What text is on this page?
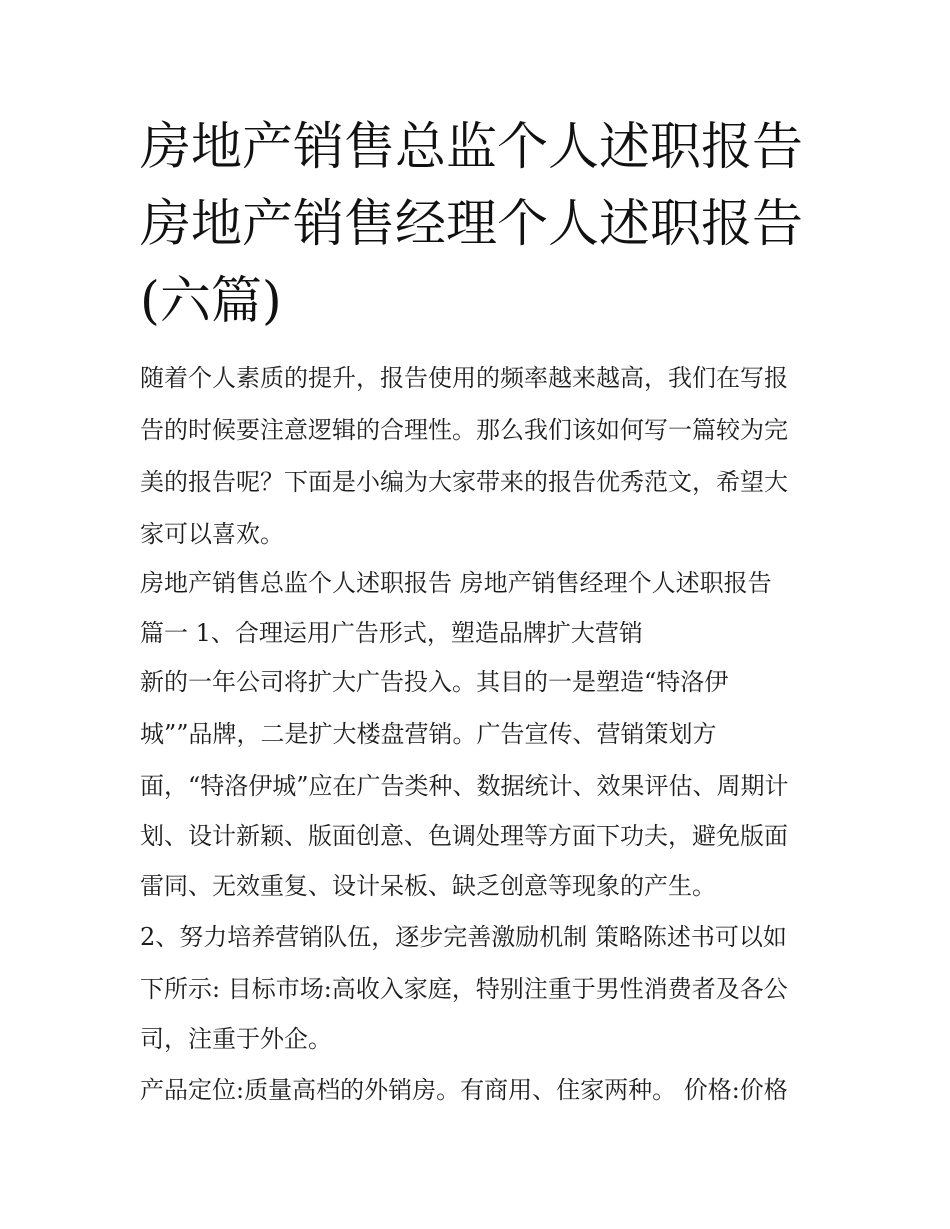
房地产销售总监个人述职报告
房地产销售经理个人述职报告
(六篇)

随着个人素质的提升，报告使用的频率越来越高，我们在写报

告的时候要注意逻辑的合理性。那么我们该如何写一篇较为完

美的报告呢？下面是小编为大家带来的报告优秀范文，希望大

家可以喜欢。

房地产销售总监个人述职报告 房地产销售经理个人述职报告

篇一 1、合理运用广告形式，塑造品牌扩大营销

新的一年公司将扩大广告投入。其目的一是塑造“特洛伊

城””品牌，二是扩大楼盘营销。广告宣传、营销策划方

面，“特洛伊城”应在广告类种、数据统计、效果评估、周期计

划、设计新颖、版面创意、色调处理等方面下功夫，避免版面

雷同、无效重复、设计呆板、缺乏创意等现象的产生。

2、努力培养营销队伍，逐步完善激励机制 策略陈述书可以如

下所示: 目标市场:高收入家庭，特别注重于男性消费者及各公

司，注重于外企。

产品定位:质量高档的外销房。有商用、住家两种。 价格:价格
